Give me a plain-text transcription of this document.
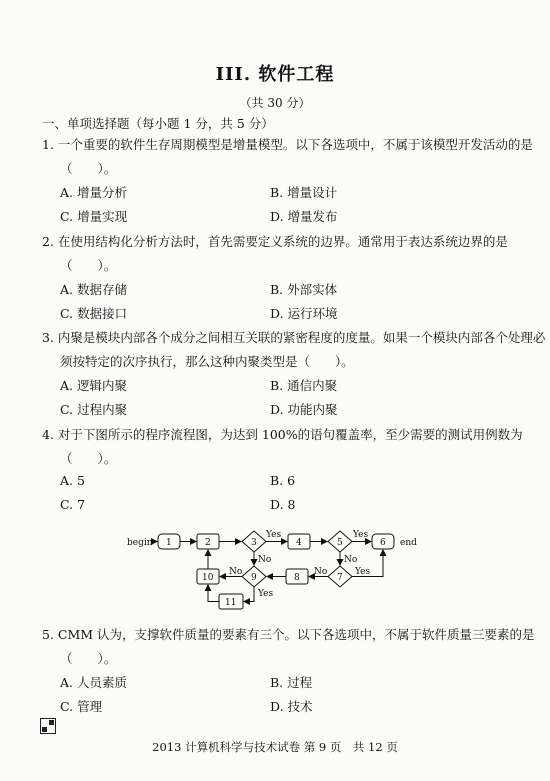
III. 软件工程
（共 30 分）
一、单项选择题（每小题 1 分，共 5 分）
1. 一个重要的软件生存周期模型是增量模型。以下各选项中，不属于该模型开发活动的是
（　　）。
A. 增量分析	B. 增量设计
C. 增量实现	D. 增量发布
2. 在使用结构化分析方法时，首先需要定义系统的边界。通常用于表达系统边界的是
（　　）。
A. 数据存储	B. 外部实体
C. 数据接口	D. 运行环境
3. 内聚是模块内部各个成分之间相互关联的紧密程度的度量。如果一个模块内部各个处理必
须按特定的次序执行，那么这种内聚类型是（　　）。
A. 逻辑内聚	B. 通信内聚
C. 过程内聚	D. 功能内聚
4. 对于下图所示的程序流程图，为达到 100%的语句覆盖率，至少需要的测试用例数为
（　　）。
A. 5	B. 6
C. 7	D. 8
begin 1	2	3	4	5	6 end
7
8
9
10
11
Yes
No
Yes
No
Yes
No
No
Yes
5. CMM 认为，支撑软件质量的要素有三个。以下各选项中，不属于软件质量三要素的是
（　　）。
A. 人员素质	B. 过程
C. 管理	D. 技术
2013 计算机科学与技术试卷 第 9 页　共 12 页
